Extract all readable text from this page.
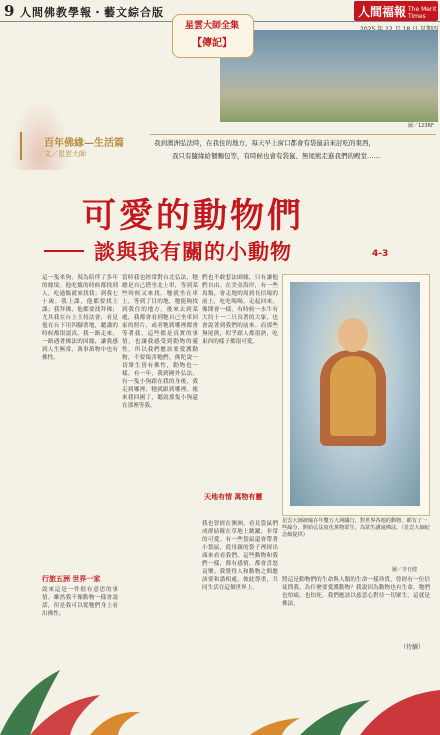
9 人間佛教學報・藝文綜合版	人間福報 The Merit Times
圖／123RF
星雲大師全集
【傳記】
百年佛緣—生活篇
文／星雲大師
我到澳洲弘法時，在我住的地方，每天早上窗口都會有袋鼠前來討吃的東西，
我只有隨緣給個麵包等，有時候也會有袋鼠、無尾熊走進我們的殿堂……
可愛的動物們
談與我有關的小動物	4-3
這一隻米狗，現為陪伴了多年的緣境。他吃飯的時候都找到人，吃過飯就來找我；到我七十歲。我上課，他都要找上課；我拜佛，他都要找拜佛；尤其我在台上主持法會，看見他在台下用四腳著地，聽講的時候都很認真。我一路走來，一路遇著佛法的因緣，讓我感到人生無常，萬事萬物中也有佛性。
行旅五洲 世界一家
說來這是一件很有意思的事情。雖然我不像動物一樣會說話，但是我可以從牠們身上看出佛性。
當時我也經常對台北弘法，牠總是自己搭坐北上車，等到某些時候又來找。牠就坐在車上，等到了目的地，牠能夠找到我住的地方。後來去到某處，我都會看到牠自己坐車回家的照片，或者牠到哪裡都會等著我。這些都是真實的事情，也讓我感受到動物的靈性。所以我們應該要愛護動物，不要傷害牠們。佛陀說一切眾生皆有佛性，動物也一樣。有一年，我到國外弘法，有一隻小狗跟在我的身後，我走到哪裡，牠就跟到哪裡。後來我回國了，聽說那隻小狗還在那裡等我。
們也不敢惹法師緣，只有讓他們自由。在美金海岸，有一些馬類，會走地的周到長信場的前上，吃吃喝喝，走起回來，像開會一樣，有時候一水牛有大約十一二只長著的大象，也會說著到我們的前來。而那些無尾熊，似乎跟人都很熟，吃東西的樣子都很可愛。
天地有情 萬物有靈
我也曾經在澳洲，看見袋鼠們成群結隊在草地上跳躍，非常的可愛。有一些袋鼠還會帶著小袋鼠，從母親的袋子裡探出頭來看看我們。這些動物和我們一樣，都有感情，都會喜怒哀樂。我覺得人和動物之間應該要和諧相處，彼此尊重，共同生活在這個世界上。
將這是動物們的生命與人類的生命一樣珍貴。曾經有一位信徒問我，為什麼要愛護動物？我說因為動物也有生命，牠們也怕痛，也怕死。我們應該以慈悲心對待一切眾生，這就是佛法。
（待續）
星雲大師被喻在年雙五大洲國行，對世界各地的動物，都有了一些綠分，開始弘法度化萬物眾生，為眾生講說佛法。（星雲大師紀念館提供）
圖／李自健
